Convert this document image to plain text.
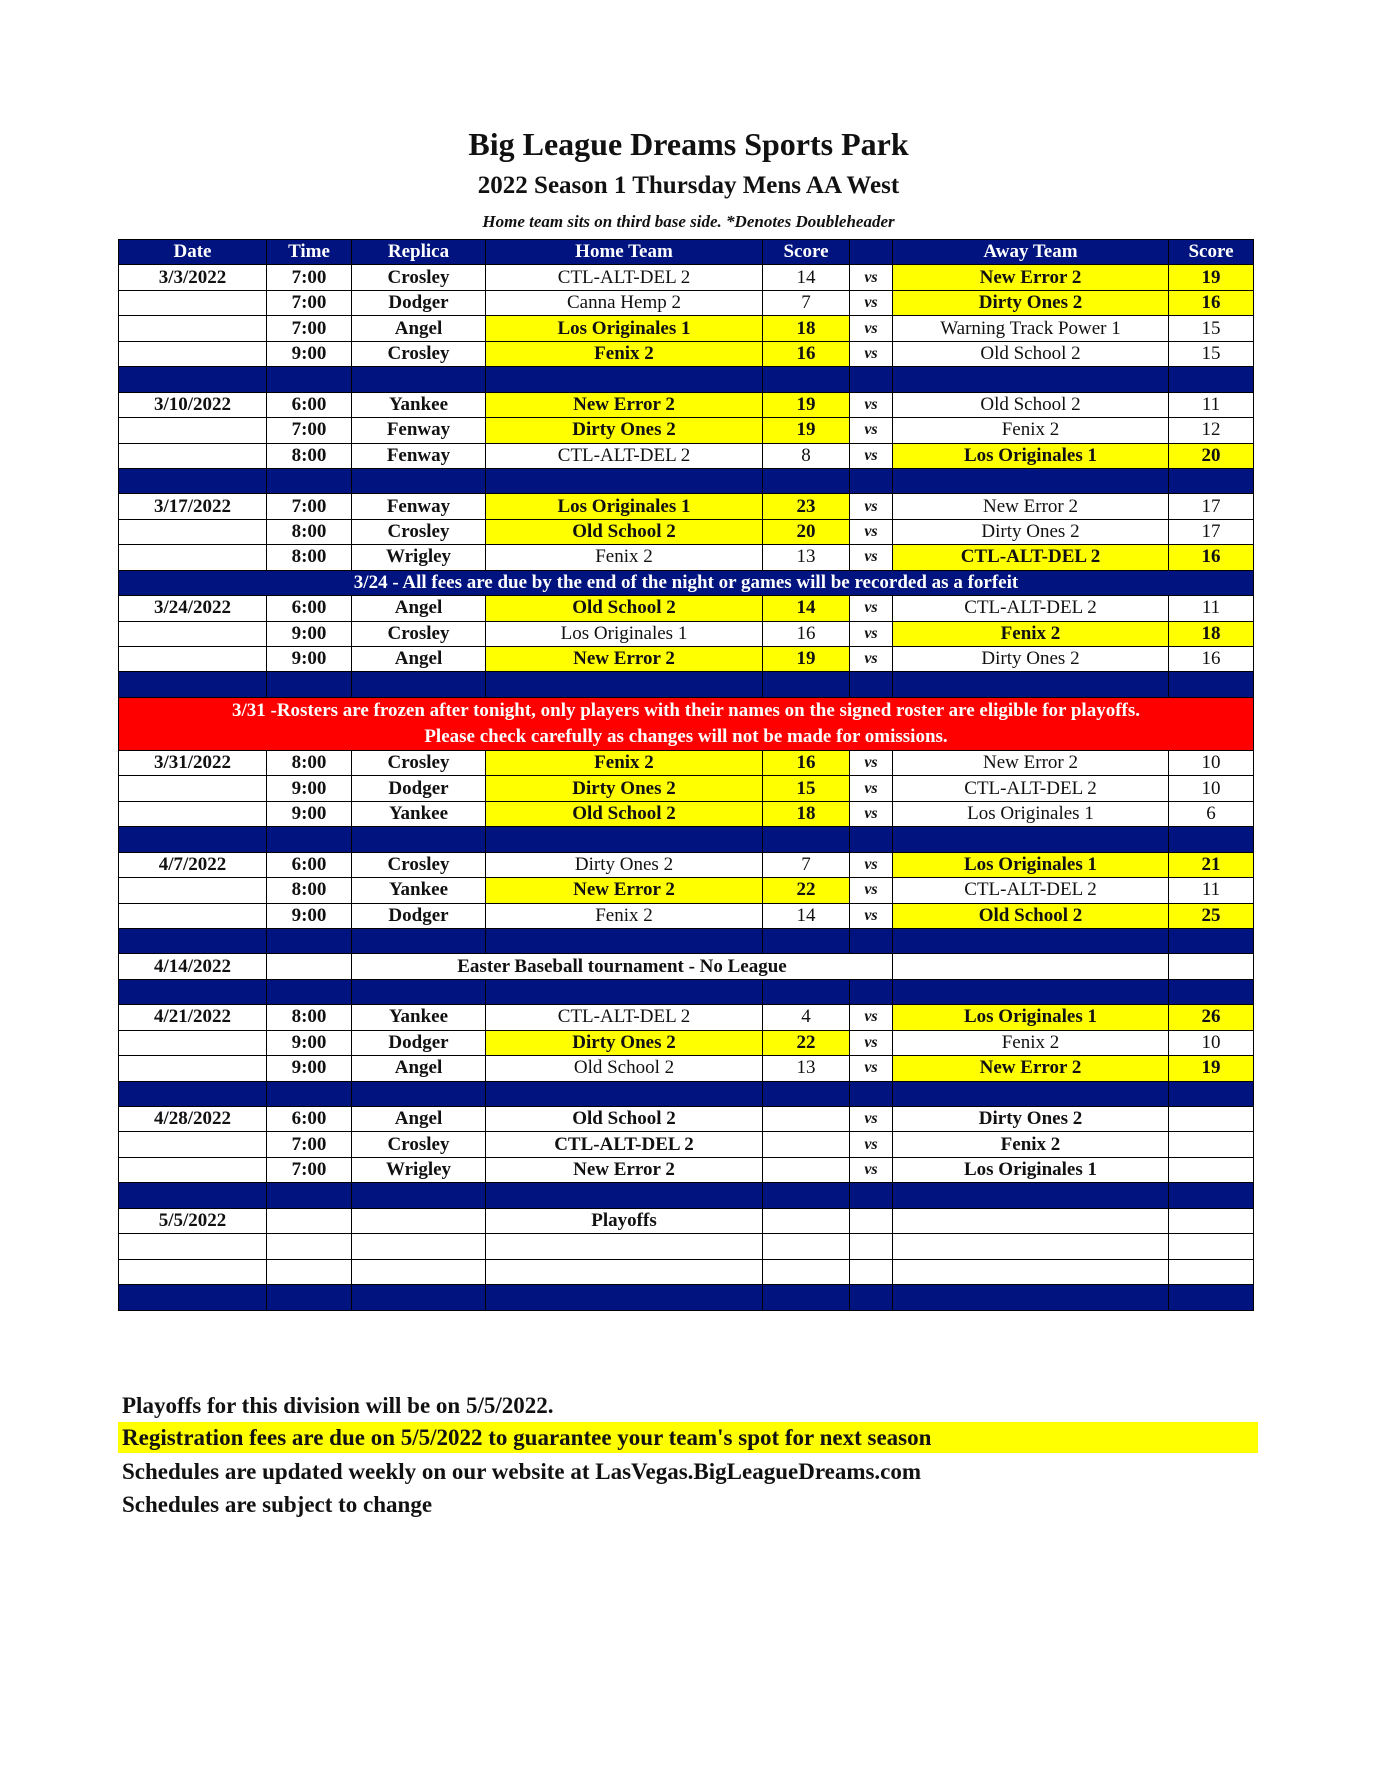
Big League Dreams Sports Park
2022 Season 1 Thursday Mens AA West
Home team sits on third base side. *Denotes Doubleheader
Date	Time	Replica	Home Team	Score		Away Team	Score
3/3/2022	7:00	Crosley	CTL-ALT-DEL 2	14	vs	New Error 2	19
	7:00	Dodger	Canna Hemp 2	7	vs	Dirty Ones 2	16
	7:00	Angel	Los Originales 1	18	vs	Warning Track Power 1	15
	9:00	Crosley	Fenix 2	16	vs	Old School 2	15

3/10/2022	6:00	Yankee	New Error 2	19	vs	Old School 2	11
	7:00	Fenway	Dirty Ones 2	19	vs	Fenix 2	12
	8:00	Fenway	CTL-ALT-DEL 2	8	vs	Los Originales 1	20

3/17/2022	7:00	Fenway	Los Originales 1	23	vs	New Error 2	17
	8:00	Crosley	Old School 2	20	vs	Dirty Ones 2	17
	8:00	Wrigley	Fenix 2	13	vs	CTL-ALT-DEL 2	16
3/24 - All fees are due by the end of the night or games will be recorded as a forfeit							
3/24/2022	6:00	Angel	Old School 2	14	vs	CTL-ALT-DEL 2	11
	9:00	Crosley	Los Originales 1	16	vs	Fenix 2	18
	9:00	Angel	New Error 2	19	vs	Dirty Ones 2	16

3/31 -Rosters are frozen after tonight, only players with their names on the signed roster are eligible for playoffs.
Please check carefully as changes will not be made for omissions.							

3/31/2022	8:00	Crosley	Fenix 2	16	vs	New Error 2	10
	9:00	Dodger	Dirty Ones 2	15	vs	CTL-ALT-DEL 2	10
	9:00	Yankee	Old School 2	18	vs	Los Originales 1	6

4/7/2022	6:00	Crosley	Dirty Ones 2	7	vs	Los Originales 1	21
	8:00	Yankee	New Error 2	22	vs	CTL-ALT-DEL 2	11
	9:00	Dodger	Fenix 2	14	vs	Old School 2	25

4/14/2022		Easter Baseball tournament - No League					

4/21/2022	8:00	Yankee	CTL-ALT-DEL 2	4	vs	Los Originales 1	26
	9:00	Dodger	Dirty Ones 2	22	vs	Fenix 2	10
	9:00	Angel	Old School 2	13	vs	New Error 2	19

4/28/2022	6:00	Angel	Old School 2		vs	Dirty Ones 2	
	7:00	Crosley	CTL-ALT-DEL 2		vs	Fenix 2	
	7:00	Wrigley	New Error 2		vs	Los Originales 1	

5/5/2022			Playoffs				

Playoffs for this division will be on 5/5/2022.
Registration fees are due on 5/5/2022 to guarantee your team's spot for next season
Schedules are updated weekly on our website at LasVegas.BigLeagueDreams.com
Schedules are subject to change
